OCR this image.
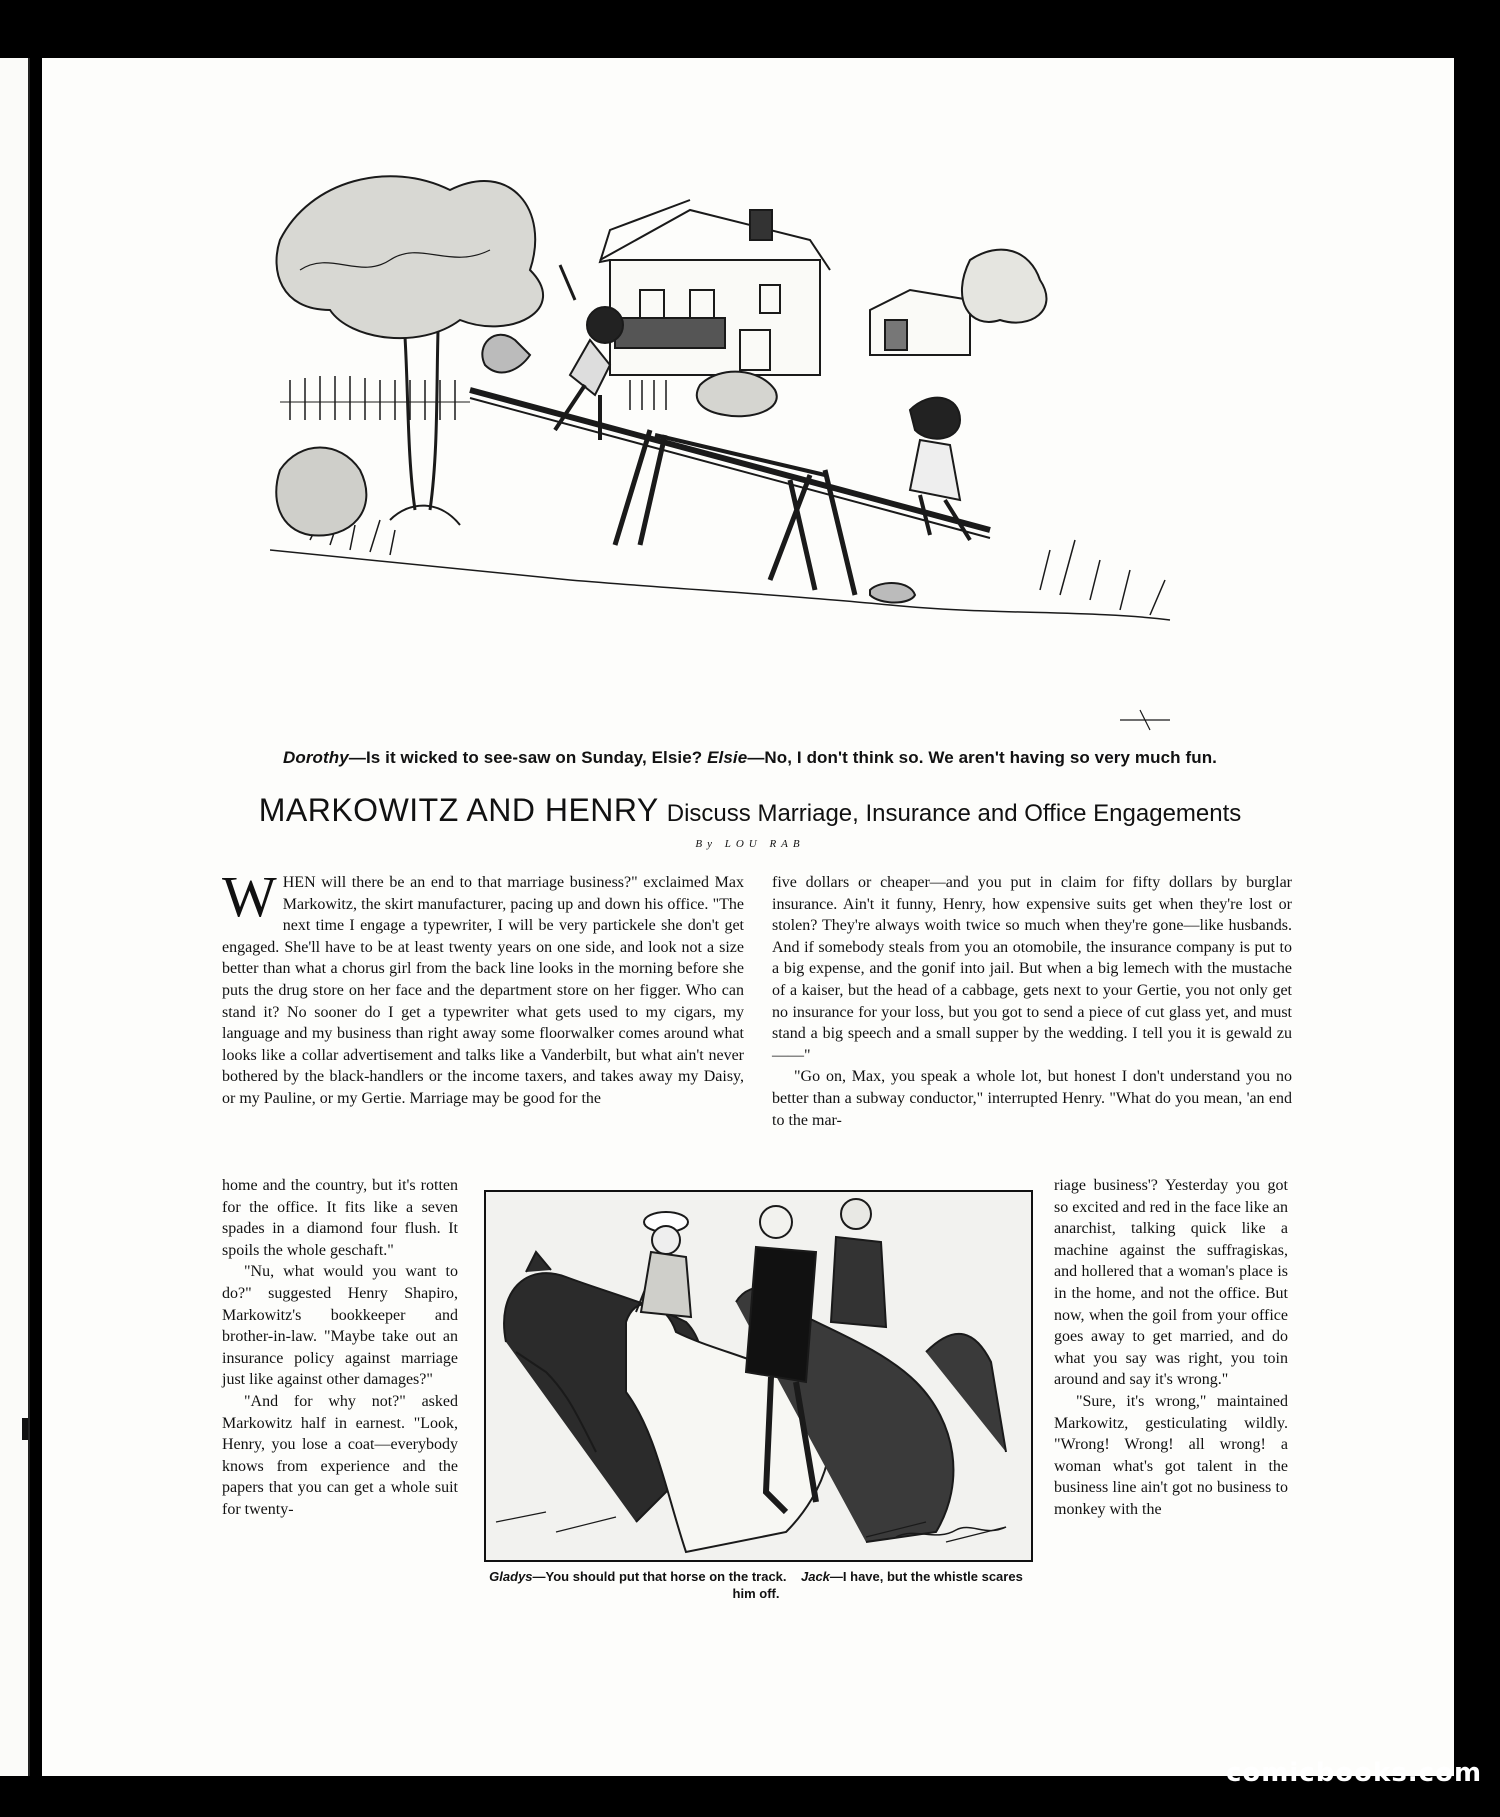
Dorothy—Is it wicked to see-saw on Sunday, Elsie? Elsie—No, I don't think so. We aren't having so very much fun.
MARKOWITZ AND HENRY Discuss Marriage, Insurance and Office Engagements
By LOU RAB

WHEN will there be an end to that marriage business?" exclaimed Max Markowitz, the skirt manufacturer, pacing up and down his office. "The next time I engage a typewriter, I will be very partickele she don't get engaged. She'll have to be at least twenty years on one side, and look not a size better than what a chorus girl from the back line looks in the morning before she puts the drug store on her face and the department store on her figger. Who can stand it? No sooner do I get a typewriter what gets used to my cigars, my language and my business than right away some floorwalker comes around what looks like a collar advertisement and talks like a Vanderbilt, but what ain't never bothered by the black-handlers or the income taxers, and takes away my Daisy, or my Pauline, or my Gertie. Marriage may be good for the

home and the country, but it's rotten for the office. It fits like a seven spades in a diamond four flush. It spoils the whole geschaft."

"Nu, what would you want to do?" suggested Henry Shapiro, Markowitz's bookkeeper and brother-in-law. "Maybe take out an insurance policy against marriage just like against other damages?"

"And for why not?" asked Markowitz half in earnest. "Look, Henry, you lose a coat—everybody knows from experience and the papers that you can get a whole suit for twenty-

five dollars or cheaper—and you put in claim for fifty dollars by burglar insurance. Ain't it funny, Henry, how expensive suits get when they're lost or stolen? They're always woith twice so much when they're gone—like husbands. And if somebody steals from you an otomobile, the insurance company is put to a big expense, and the gonif into jail. But when a big lemech with the mustache of a kaiser, but the head of a cabbage, gets next to your Gertie, you not only get no insurance for your loss, but you got to send a piece of cut glass yet, and must stand a big speech and a small supper by the wedding. I tell you it is gewald zu——"

"Go on, Max, you speak a whole lot, but honest I don't understand you no better than a subway conductor," interrupted Henry. "What do you mean, 'an end to the mar-

riage business'? Yesterday you got so excited and red in the face like an anarchist, talking quick like a machine against the suffragiskas, and hollered that a woman's place is in the home, and not the office. But now, when the goil from your office goes away to get married, and do what you say was right, you toin around and say it's wrong."

"Sure, it's wrong," maintained Markowitz, gesticulating wildly. "Wrong! Wrong! all wrong! a woman what's got talent in the business line ain't got no business to monkey with the

Gladys—You should put that horse on the track. Jack—I have, but the whistle scares him off.
comicbooks.com
